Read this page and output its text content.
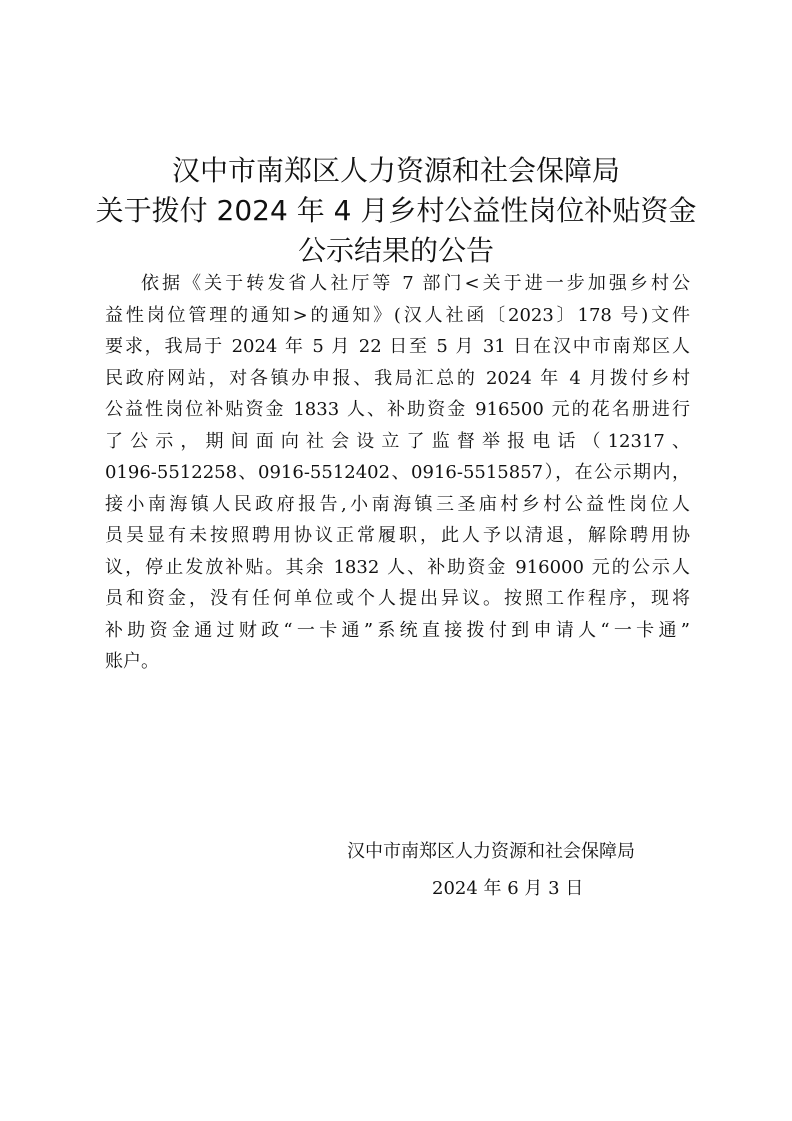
汉中市南郑区人力资源和社会保障局
关于拨付 2024 年 4 月乡村公益性岗位补贴资金
公示结果的公告
依据《关于转发省人社厅等 7 部门<关于进一步加强乡村公
益性岗位管理的通知>的通知》(汉人社函〔2023〕178 号)文件
要求，我局于 2024 年 5 月 22 日至 5 月 31 日在汉中市南郑区人
民政府网站，对各镇办申报、我局汇总的 2024 年 4 月拨付乡村
公益性岗位补贴资金 1833 人、补助资金 916500 元的花名册进行
了公示，期间面向社会设立了监督举报电话（12317、
0196-5512258、0916-5512402、0916-5515857），在公示期内，
接小南海镇人民政府报告,小南海镇三圣庙村乡村公益性岗位人
员吴显有未按照聘用协议正常履职，此人予以清退，解除聘用协
议，停止发放补贴。其余 1832 人、补助资金 916000 元的公示人
员和资金，没有任何单位或个人提出异议。按照工作程序，现将
补助资金通过财政“一卡通”系统直接拨付到申请人“一卡通”
账户。
汉中市南郑区人力资源和社会保障局
2024 年 6 月 3 日
